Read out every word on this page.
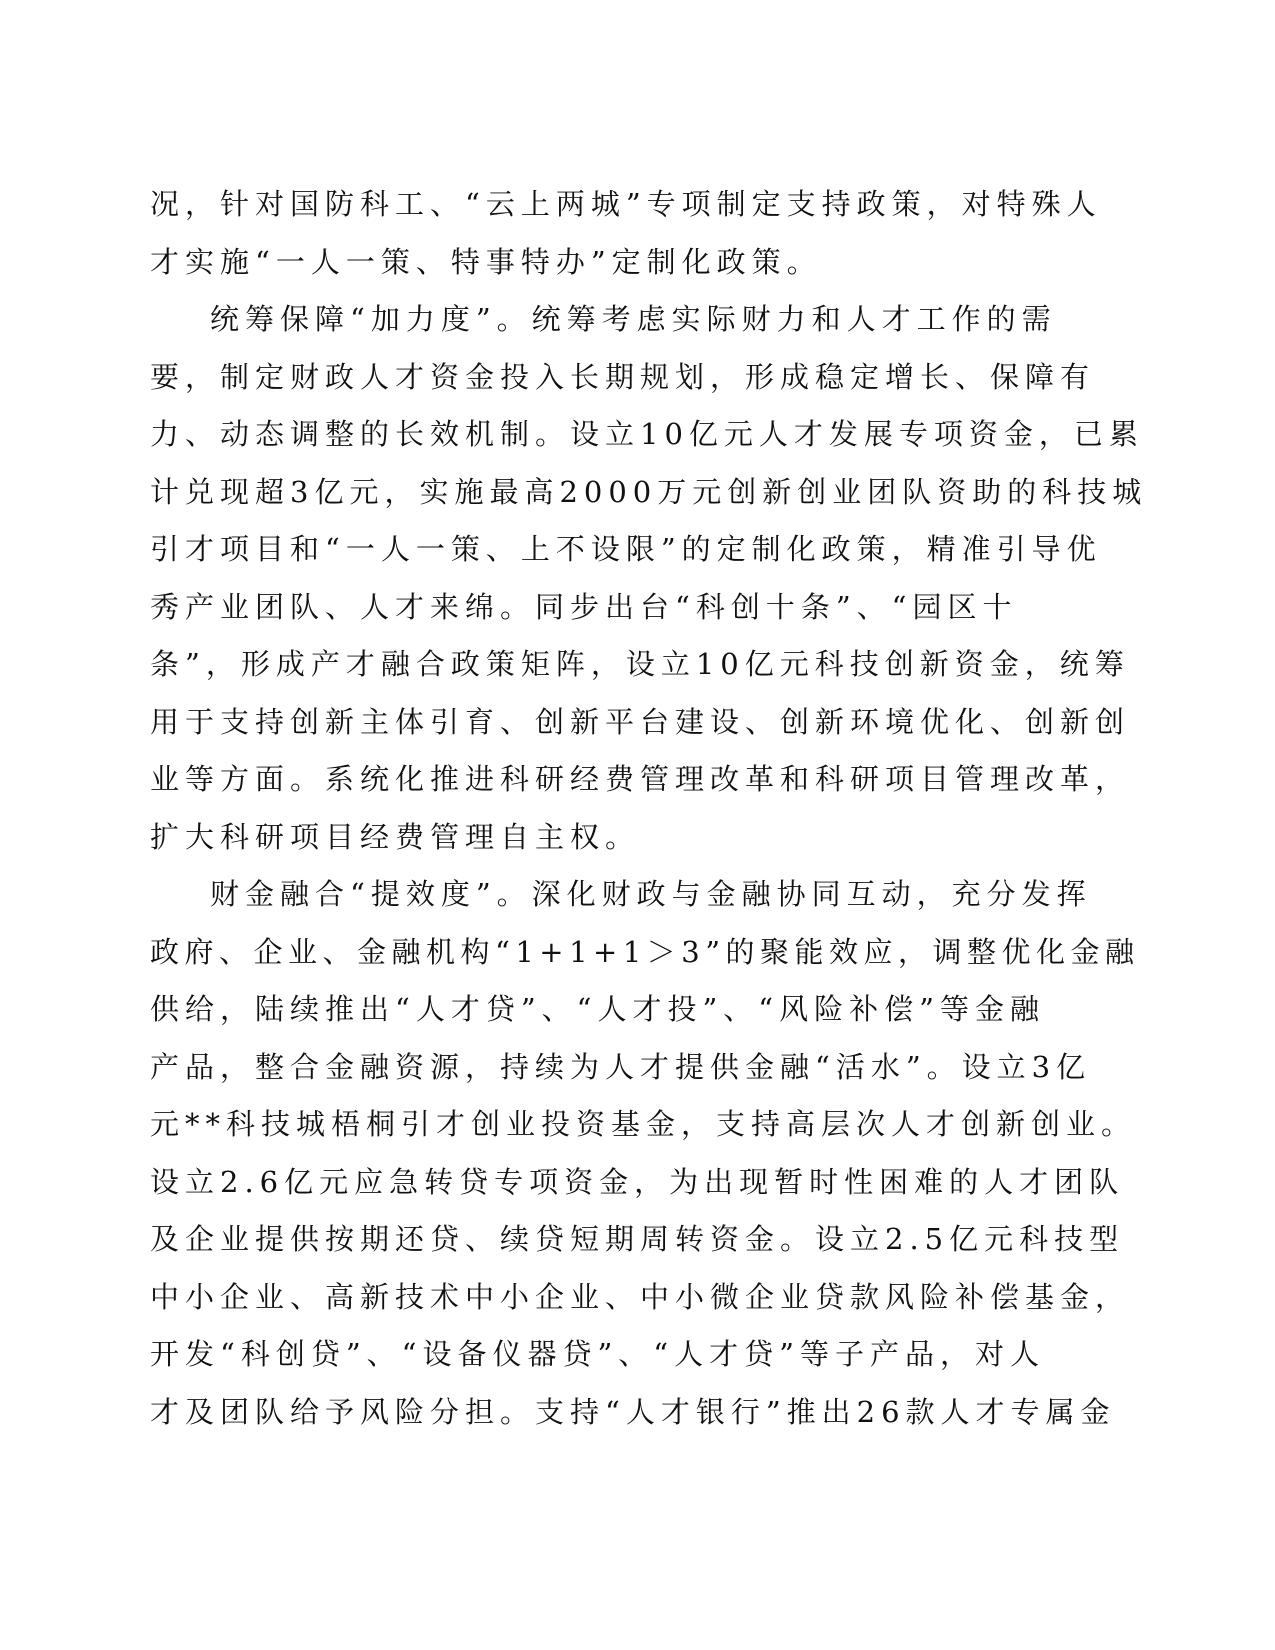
况，针对国防科工、“云上两城”专项制定支持政策，对特殊人
才实施“一人一策、特事特办”定制化政策。
统筹保障“加力度”。统筹考虑实际财力和人才工作的需
要，制定财政人才资金投入长期规划，形成稳定增长、保障有
力、动态调整的长效机制。设立10亿元人才发展专项资金，已累
计兑现超3亿元，实施最高2000万元创新创业团队资助的科技城
引才项目和“一人一策、上不设限”的定制化政策，精准引导优
秀产业团队、人才来绵。同步出台“科创十条”、“园区十
条”，形成产才融合政策矩阵，设立10亿元科技创新资金，统筹
用于支持创新主体引育、创新平台建设、创新环境优化、创新创
业等方面。系统化推进科研经费管理改革和科研项目管理改革，
扩大科研项目经费管理自主权。
财金融合“提效度”。深化财政与金融协同互动，充分发挥
政府、企业、金融机构“1+1+1＞3”的聚能效应，调整优化金融
供给，陆续推出“人才贷”、“人才投”、“风险补偿”等金融
产品，整合金融资源，持续为人才提供金融“活水”。设立3亿
元**科技城梧桐引才创业投资基金，支持高层次人才创新创业。
设立2.6亿元应急转贷专项资金，为出现暂时性困难的人才团队
及企业提供按期还贷、续贷短期周转资金。设立2.5亿元科技型
中小企业、高新技术中小企业、中小微企业贷款风险补偿基金，
开发“科创贷”、“设备仪器贷”、“人才贷”等子产品，对人
才及团队给予风险分担。支持“人才银行”推出26款人才专属金
